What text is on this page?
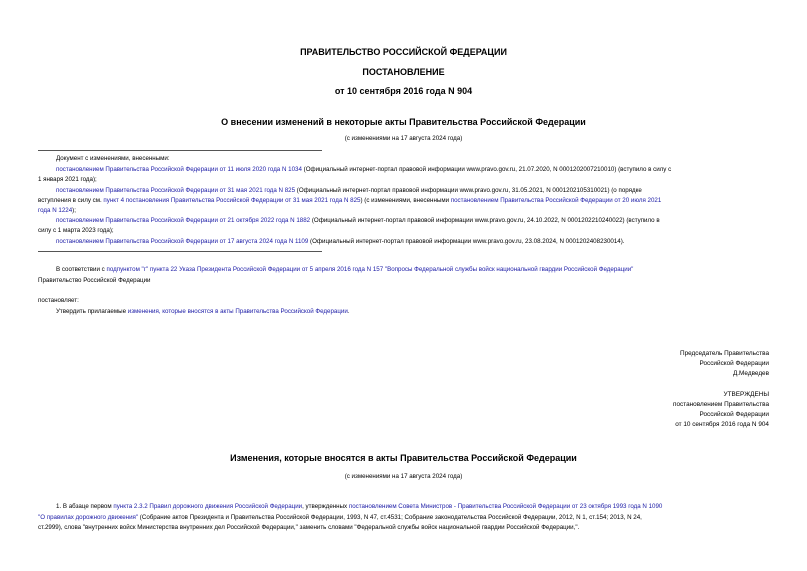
ПРАВИТЕЛЬСТВО РОССИЙСКОЙ ФЕДЕРАЦИИ
ПОСТАНОВЛЕНИЕ
от 10 сентября 2016 года N 904
О внесении изменений в некоторые акты Правительства Российской Федерации
(с изменениями на 17 августа 2024 года)
Документ с изменениями, внесенными:
постановлением Правительства Российской Федерации от 11 июля 2020 года N 1034 (Официальный интернет-портал правовой информации www.pravo.gov.ru, 21.07.2020, N 0001202007210010) (вступило в силу с
1 января 2021 года);
постановлением Правительства Российской Федерации от 31 мая 2021 года N 825 (Официальный интернет-портал правовой информации www.pravo.gov.ru, 31.05.2021, N 0001202105310021) (о порядке
вступления в силу см. пункт 4 постановления Правительства Российской Федерации от 31 мая 2021 года N 825) (с изменениями, внесенными постановлением Правительства Российской Федерации от 20 июля 2021
года N 1224);
постановлением Правительства Российской Федерации от 21 октября 2022 года N 1882 (Официальный интернет-портал правовой информации www.pravo.gov.ru, 24.10.2022, N 0001202210240022) (вступило в
силу с 1 марта 2023 года);
постановлением Правительства Российской Федерации от 17 августа 2024 года N 1109 (Официальный интернет-портал правовой информации www.pravo.gov.ru, 23.08.2024, N 0001202408230014).
В соответствии с подпунктом "г" пункта 22 Указа Президента Российской Федерации от 5 апреля 2016 года N 157 "Вопросы Федеральной службы войск национальной гвардии Российской Федерации"
Правительство Российской Федерации
постановляет:
Утвердить прилагаемые изменения, которые вносятся в акты Правительства Российской Федерации.
Председатель Правительства
Российской Федерации
Д.Медведев
УТВЕРЖДЕНЫ
постановлением Правительства
Российской Федерации
от 10 сентября 2016 года N 904
Изменения, которые вносятся в акты Правительства Российской Федерации
(с изменениями на 17 августа 2024 года)
1. В абзаце первом пункта 2.3.2 Правил дорожного движения Российской Федерации, утвержденных постановлением Совета Министров - Правительства Российской Федерации от 23 октября 1993 года N 1090
"О правилах дорожного движения" (Собрание актов Президента и Правительства Российской Федерации, 1993, N 47, ст.4531; Собрание законодательства Российской Федерации, 2012, N 1, ст.154; 2013, N 24,
ст.2999), слова "внутренних войск Министерства внутренних дел Российской Федерации," заменить словами "Федеральной службы войск национальной гвардии Российской Федерации,".
